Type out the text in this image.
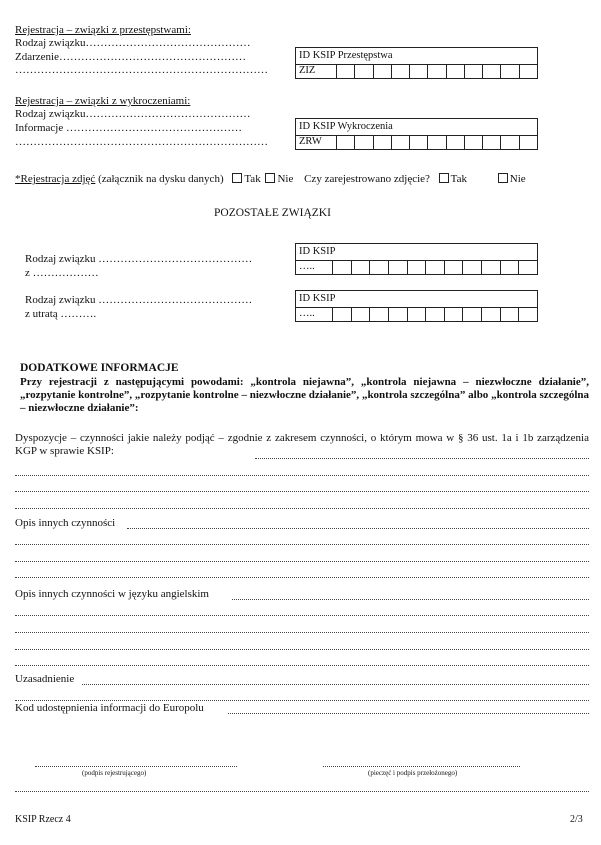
Rejestracja – związki z przestępstwami:
Rodzaj związku………………………………………
Zdarzenie……………………………………………
……………………………………………………………
ID KSIP Przestępstwa
ZIZ
Rejestracja – związki z wykroczeniami:
Rodzaj związku………………………………………
Informacje …………………………………………
……………………………………………………………
ID KSIP Wykroczenia
ZRW
*Rejestracja zdjęć (załącznik na dysku danych) Tak Nie Czy zarejestrowano zdjęcie? Tak	Nie
POZOSTAŁE ZWIĄZKI
Rodzaj związku ……………………………………
z ………………
ID KSIP
…..
Rodzaj związku ……………………………………
z utratą ……….
ID KSIP
…..
DODATKOWE INFORMACJE
Przy rejestracji z następującymi powodami: „kontrola niejawna”, „kontrola niejawna – niezwłoczne działanie”, „rozpytanie kontrolne”, „rozpytanie kontrolne – niezwłoczne działanie”, „kontrola szczególna” albo „kontrola szczególna – niezwłoczne działanie”:
Dyspozycje – czynności jakie należy podjąć – zgodnie z zakresem czynności, o którym mowa w § 36 ust. 1a i 1b zarządzenia KGP w sprawie KSIP:
Opis innych czynności
Opis innych czynności w języku angielskim
Uzasadnienie
Kod udostępnienia informacji do Europolu
(podpis rejestrującego)	(pieczęć i podpis przełożonego)
KSIP Rzecz 4	2/3
